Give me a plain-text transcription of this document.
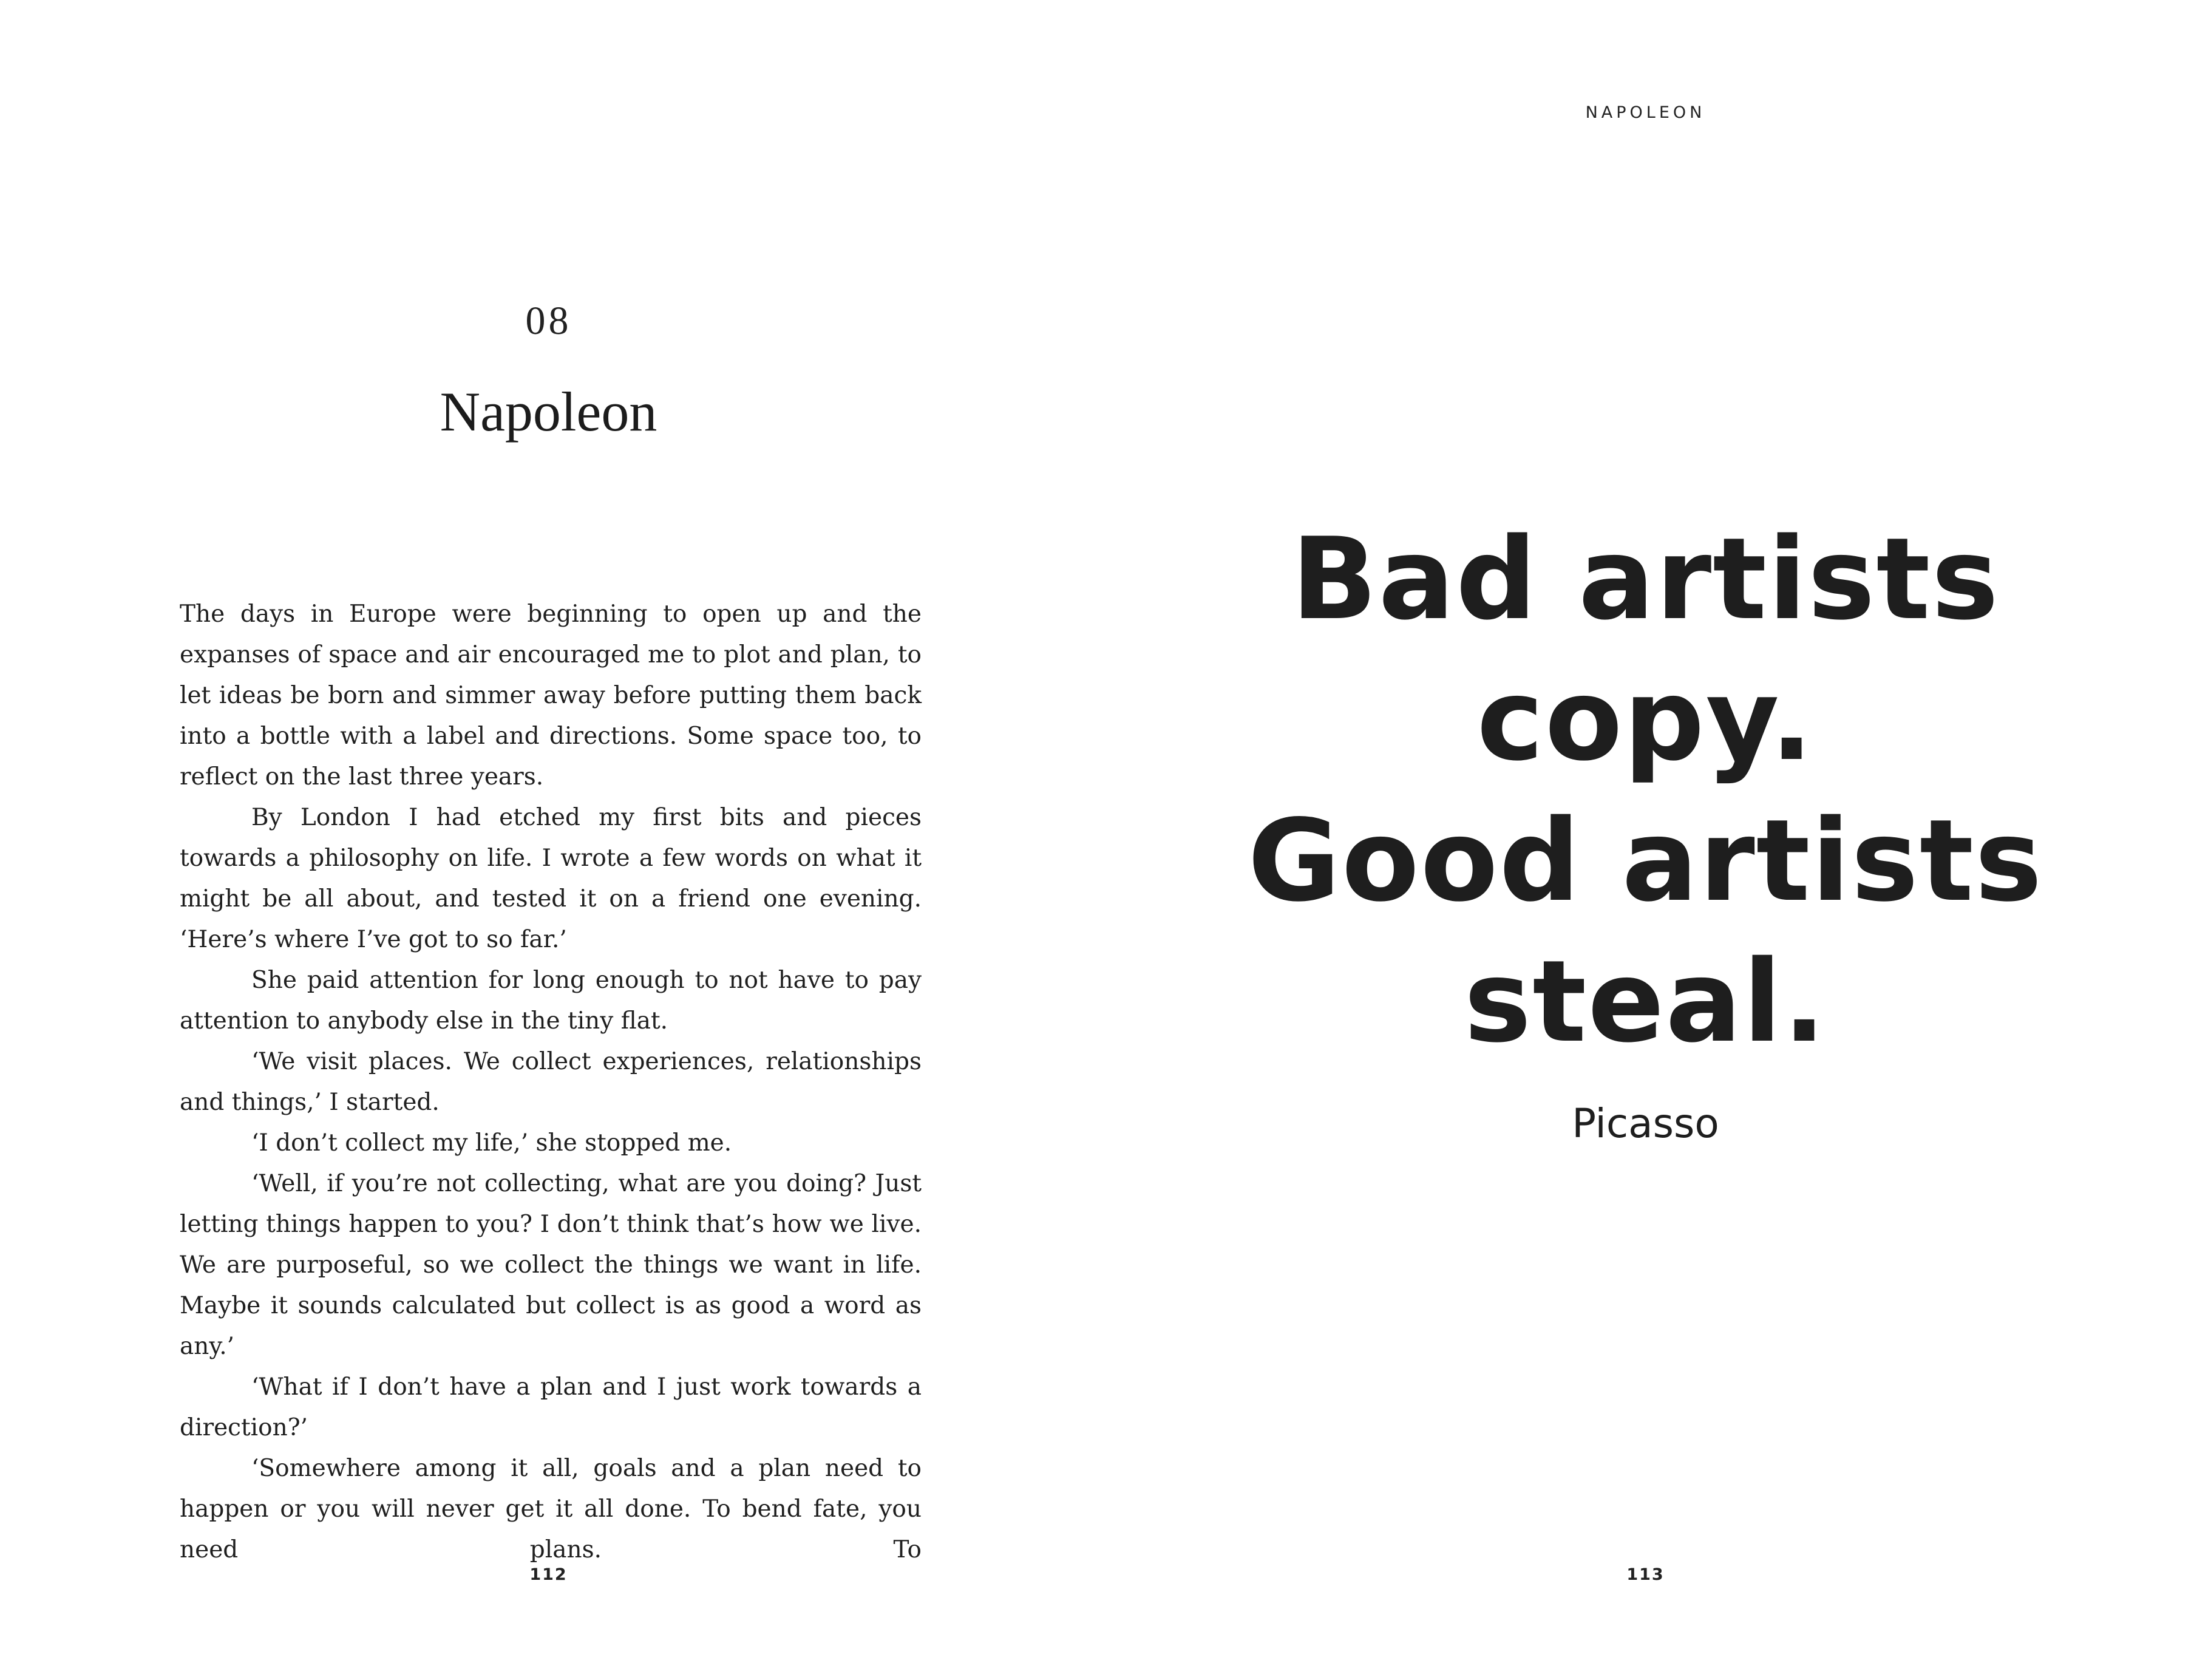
08
Napoleon

The days in Europe were beginning to open up and the expanses of space and air encouraged me to plot and plan, to let ideas be born and simmer away before putting them back into a bottle with a label and directions. Some space too, to reflect on the last three years.

By London I had etched my first bits and pieces towards a philosophy on life. I wrote a few words on what it might be all about, and tested it on a friend one evening. ‘Here’s where I’ve got to so far.’

She paid attention for long enough to not have to pay attention to anybody else in the tiny flat.

‘We visit places. We collect experiences, relationships and things,’ I started.

‘I don’t collect my life,’ she stopped me.

‘Well, if you’re not collecting, what are you doing? Just letting things happen to you? I don’t think that’s how we live. We are purposeful, so we collect the things we want in life. Maybe it sounds calculated but collect is as good a word as any.’

‘What if I don’t have a plan and I just work towards a direction?’

‘Somewhere among it all, goals and a plan need to happen or you will never get it all done. To bend fate, you need plans. To

112
NAPOLEON
Bad artists
copy.
Good artists
steal.
Picasso
113
